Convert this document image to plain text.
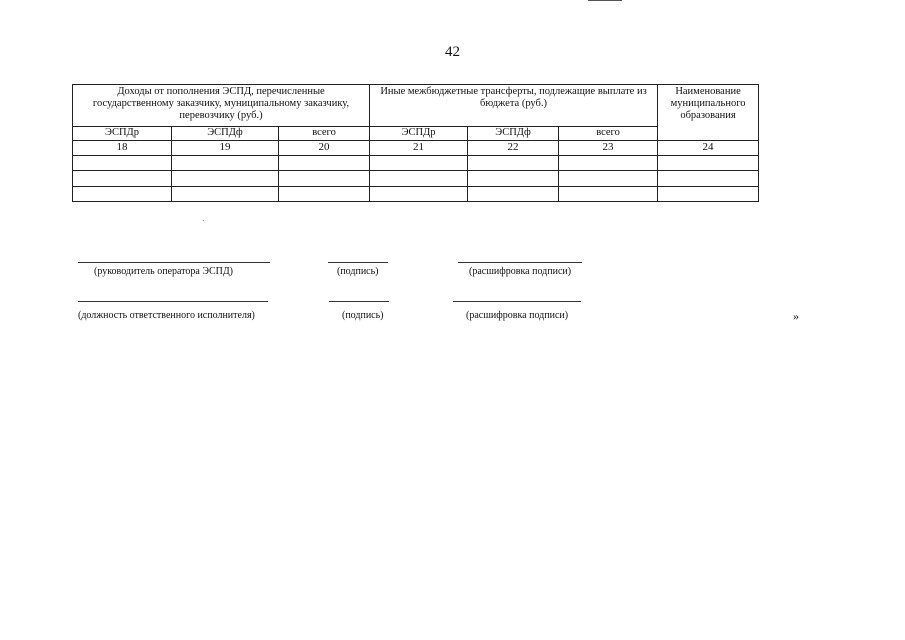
42
Доходы от пополнения ЭСПД, перечисленные государственному заказчику, муниципальному заказчику, перевозчику (руб.)			Иные межбюджетные трансферты, подлежащие выплате из бюджета (руб.)			Наименование муниципального образования
ЭСПДр	ЭСПДф	всего	ЭСПДр	ЭСПДф	всего	
18	19	20	21	22	23	24

(руководитель оператора ЭСПД)	(подпись)	(расшифровка подписи)
(должность ответственного исполнителя)	(подпись)	(расшифровка подписи)	»
